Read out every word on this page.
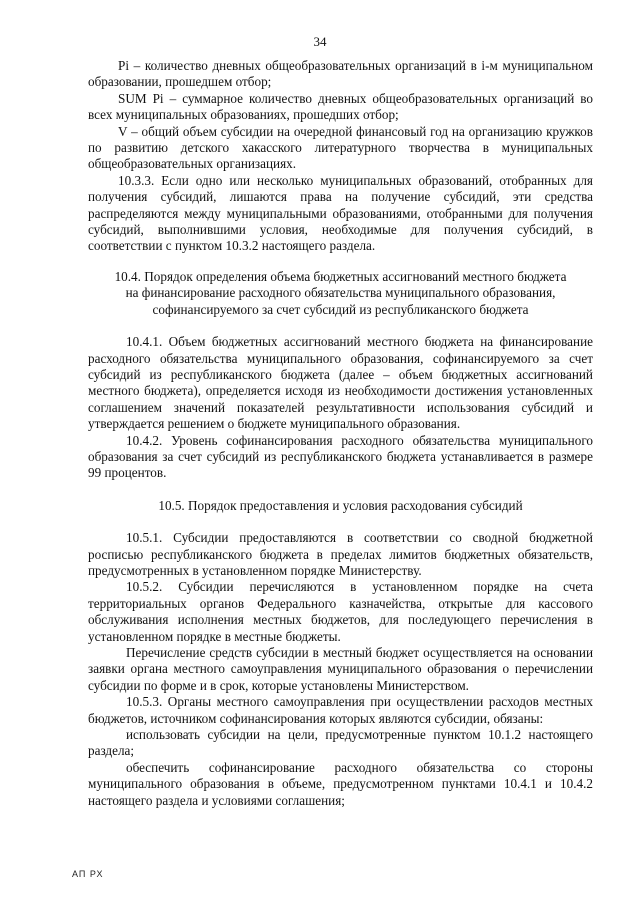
34

Pi – количество дневных общеобразовательных организаций в i-м муниципальном образовании, прошедшем отбор;

SUM Pi – суммарное количество дневных общеобразовательных организаций во всех муниципальных образованиях, прошедших отбор;

V – общий объем субсидии на очередной финансовый год на организацию кружков по развитию детского хакасского литературного творчества в муниципальных общеобразовательных организациях.

10.3.3. Если одно или несколько муниципальных образований, отобранных для получения субсидий, лишаются права на получение субсидий, эти средства распределяются между муниципальными образованиями, отобранными для получения субсидий, выполнившими условия, необходимые для получения субсидий, в соответствии с пунктом 10.3.2 настоящего раздела.

10.4. Порядок определения объема бюджетных ассигнований местного бюджета

на финансирование расходного обязательства муниципального образования,

софинансируемого за счет субсидий из республиканского бюджета

10.4.1. Объем бюджетных ассигнований местного бюджета на финансирование расходного обязательства муниципального образования, софинансируемого за счет субсидий из республиканского бюджета (далее – объем бюджетных ассигнований местного бюджета), определяется исходя из необходимости достижения установленных соглашением значений показателей результативности использования субсидий и утверждается решением о бюджете муниципального образования.

10.4.2. Уровень софинансирования расходного обязательства муниципального образования за счет субсидий из республиканского бюджета устанавливается в размере 99 процентов.

10.5. Порядок предоставления и условия расходования субсидий

10.5.1. Субсидии предоставляются в соответствии со сводной бюджетной росписью республиканского бюджета в пределах лимитов бюджетных обязательств, предусмотренных в установленном порядке Министерству.

10.5.2. Субсидии перечисляются в установленном порядке на счета территориальных органов Федерального казначейства, открытые для кассового обслуживания исполнения местных бюджетов, для последующего перечисления в установленном порядке в местные бюджеты.

Перечисление средств субсидии в местный бюджет осуществляется на основании заявки органа местного самоуправления муниципального образования о перечислении субсидии по форме и в срок, которые установлены Министерством.

10.5.3. Органы местного самоуправления при осуществлении расходов местных бюджетов, источником софинансирования которых являются субсидии, обязаны:

использовать субсидии на цели, предусмотренные пунктом 10.1.2 настоящего раздела;

обеспечить софинансирование расходного обязательства со стороны муниципального образования в объеме, предусмотренном пунктами 10.4.1 и 10.4.2 настоящего раздела и условиями соглашения;

АП РХ
